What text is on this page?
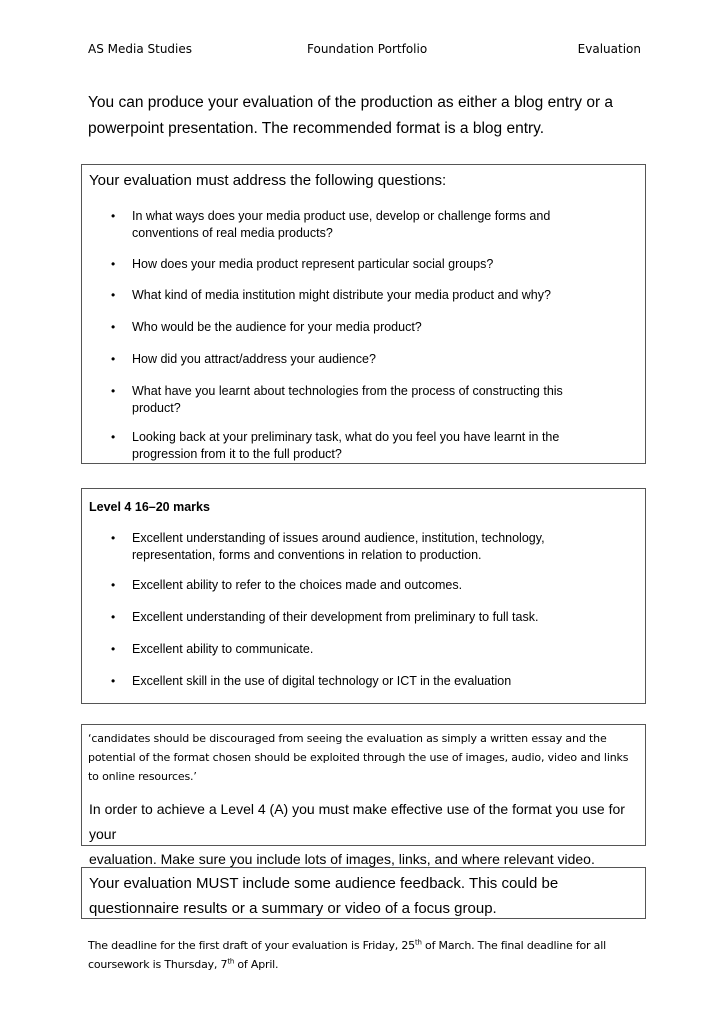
AS Media Studies	Foundation Portfolio	Evaluation
You can produce your evaluation of the production as either a blog entry or a
powerpoint presentation. The recommended format is a blog entry.
Your evaluation must address the following questions:
• In what ways does your media product use, develop or challenge forms and
conventions of real media products?
• How does your media product represent particular social groups?
• What kind of media institution might distribute your media product and why?
• Who would be the audience for your media product?
• How did you attract/address your audience?
• What have you learnt about technologies from the process of constructing this
product?
• Looking back at your preliminary task, what do you feel you have learnt in the
progression from it to the full product?
Level 4 16–20 marks
• Excellent understanding of issues around audience, institution, technology,
representation, forms and conventions in relation to production.
• Excellent ability to refer to the choices made and outcomes.
• Excellent understanding of their development from preliminary to full task.
• Excellent ability to communicate.
• Excellent skill in the use of digital technology or ICT in the evaluation
‘candidates should be discouraged from seeing the evaluation as simply a written essay and the
potential of the format chosen should be exploited through the use of images, audio, video and links
to online resources.’
In order to achieve a Level 4 (A) you must make effective use of the format you use for your
evaluation. Make sure you include lots of images, links, and where relevant video.
Your evaluation MUST include some audience feedback. This could be
questionnaire results or a summary or video of a focus group.
The deadline for the first draft of your evaluation is Friday, 25th of March. The final deadline for all
coursework is Thursday, 7th of April.
